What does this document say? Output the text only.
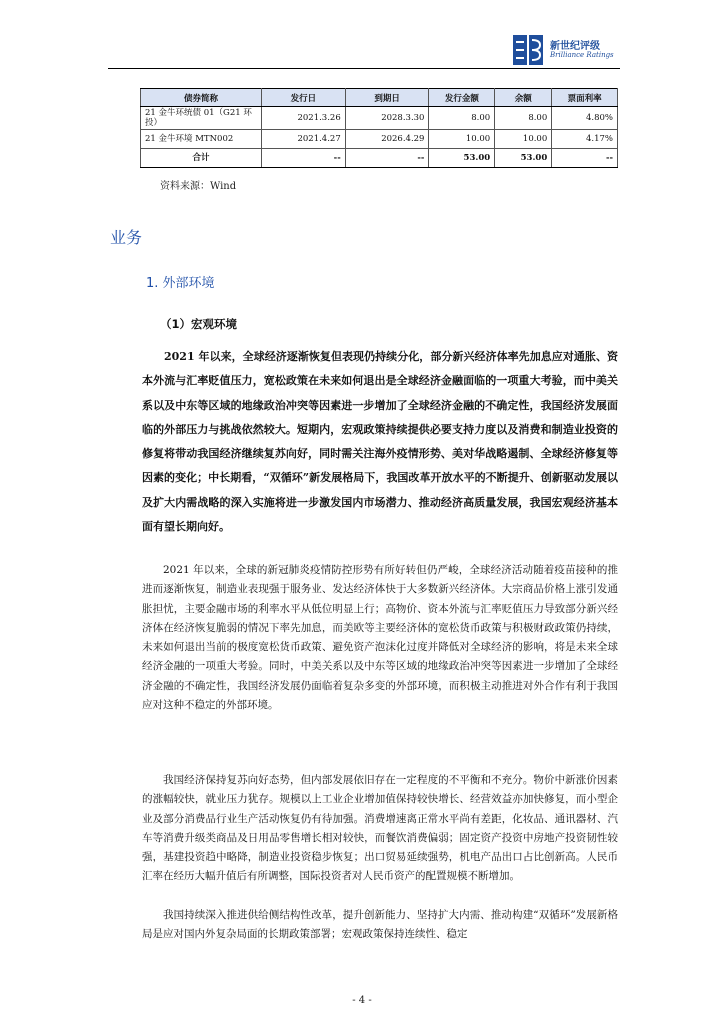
新世纪评级
Brilliance Ratings
债券简称	发行日	到期日	发行金额	余额	票面利率
21 金牛环统债 01（G21 环投）	2021.3.26	2028.3.30	8.00	8.00	4.80%
21 金牛环境 MTN002	2021.4.27	2026.4.29	10.00	10.00	4.17%
合计	--	--	53.00	53.00	--
资料来源：Wind
业务
1. 外部环境
（1）宏观环境

2021 年以来，全球经济逐渐恢复但表现仍持续分化，部分新兴经济体率先加息应对通胀、资本外流与汇率贬值压力，宽松政策在未来如何退出是全球经济金融面临的一项重大考验，而中美关系以及中东等区域的地缘政治冲突等因素进一步增加了全球经济金融的不确定性，我国经济发展面临的外部压力与挑战依然较大。短期内，宏观政策持续提供必要支持力度以及消费和制造业投资的修复将带动我国经济继续复苏向好，同时需关注海外疫情形势、美对华战略遏制、全球经济修复等因素的变化；中长期看，“双循环”新发展格局下，我国改革开放水平的不断提升、创新驱动发展以及扩大内需战略的深入实施将进一步激发国内市场潜力、推动经济高质量发展，我国宏观经济基本面有望长期向好。

2021 年以来，全球的新冠肺炎疫情防控形势有所好转但仍严峻，全球经济活动随着疫苗接种的推进而逐渐恢复，制造业表现强于服务业、发达经济体快于大多数新兴经济体。大宗商品价格上涨引发通胀担忧，主要金融市场的利率水平从低位明显上行；高物价、资本外流与汇率贬值压力导致部分新兴经济体在经济恢复脆弱的情况下率先加息，而美欧等主要经济体的宽松货币政策与积极财政政策仍持续，未来如何退出当前的极度宽松货币政策、避免资产泡沫化过度并降低对全球经济的影响，将是未来全球经济金融的一项重大考验。同时，中美关系以及中东等区域的地缘政治冲突等因素进一步增加了全球经济金融的不确定性，我国经济发展仍面临着复杂多变的外部环境，而积极主动推进对外合作有利于我国应对这种不稳定的外部环境。

我国经济保持复苏向好态势，但内部发展依旧存在一定程度的不平衡和不充分。物价中新涨价因素的涨幅较快，就业压力犹存。规模以上工业企业增加值保持较快增长、经营效益亦加快修复，而小型企业及部分消费品行业生产活动恢复仍有待加强。消费增速离正常水平尚有差距，化妆品、通讯器材、汽车等消费升级类商品及日用品零售增长相对较快，而餐饮消费偏弱；固定资产投资中房地产投资韧性较强，基建投资趋中略降，制造业投资稳步恢复；出口贸易延续强势，机电产品出口占比创新高。人民币汇率在经历大幅升值后有所调整，国际投资者对人民币资产的配置规模不断增加。

我国持续深入推进供给侧结构性改革，提升创新能力、坚持扩大内需、推动构建“双循环”发展新格局是应对国内外复杂局面的长期政策部署；宏观政策保持连续性、稳定

- 4 -
